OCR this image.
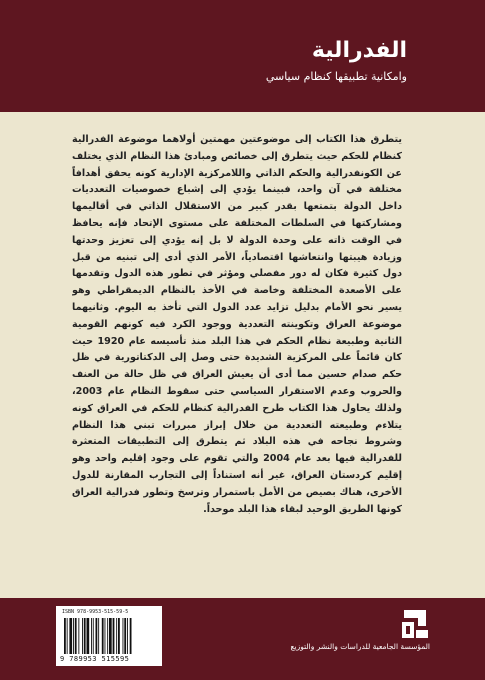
الفدرالية
وامكانية تطبيقها كنظام سياسي

يتطرق هذا الكتاب إلى موضوعتين مهمتين أولاهما موضوعة الفدرالية كنظام للحكم حيث يتطرق إلى خصائص ومبادئ هذا النظام الذي يختلف عن الكونفدرالية والحكم الذاتي واللامركزية الإدارية كونه يحقق أهدافاً مختلفة في آن واحد، فبينما يؤدي إلى إشباع خصوصيات التعدديات داخل الدولة بتمتعها بقدر كبير من الاستقلال الذاتي في أقاليمها ومشاركتها في السلطات المختلفة على مستوى الإتحاد فإنه يحافظ في الوقت ذاته على وحدة الدولة لا بل إنه يؤدي إلى تعزيز وحدتها وزيادة هيبتها وانتعاشها اقتصادياً، الأمر الذي أدى إلى تبنيه من قبل دول كثيرة فكان له دور مفصلي ومؤثر في تطور هذه الدول وتقدمها على الأصعدة المختلفة وخاصة في الأخذ بالنظام الديمقراطي وهو يسير نحو الأمام بدليل تزايد عدد الدول التي تأخذ به اليوم. وثانيهما موضوعة العراق وتكوينته التعددية ووجود الكرد فيه كونهم القومية الثانية وطبيعة نظام الحكم في هذا البلد منذ تأسيسه عام 1920 حيث كان قائماً على المركزية الشديدة حتى وصل إلى الدكتاتورية في ظل حكم صدام حسين مما أدى أن يعيش العراق في ظل حالة من العنف والحروب وعدم الاستقرار السياسي حتى سقوط النظام عام 2003، ولذلك يحاول هذا الكتاب طرح الفدرالية كنظام للحكم في العراق كونه يتلاءم وطبيعته التعددية من خلال إبراز مبررات تبني هذا النظام وشروط نجاحه في هذه البلاد ثم يتطرق إلى التطبيقات المتعثرة للفدرالية فيها بعد عام 2004 والتي تقوم على وجود إقليم واحد وهو إقليم كردستان العراق، غير أنه استناداً إلى التجارب المقارنة للدول الأخرى، هناك بصيص من الأمل باستمرار وترسخ وتطور فدرالية العراق كونها الطريق الوحيد لبقاء هذا البلد موحداً.

ISBN 978-9953-515-59-5
9 789953 515595
المؤسسة الجامعية للدراسات والنشر والتوزيع
